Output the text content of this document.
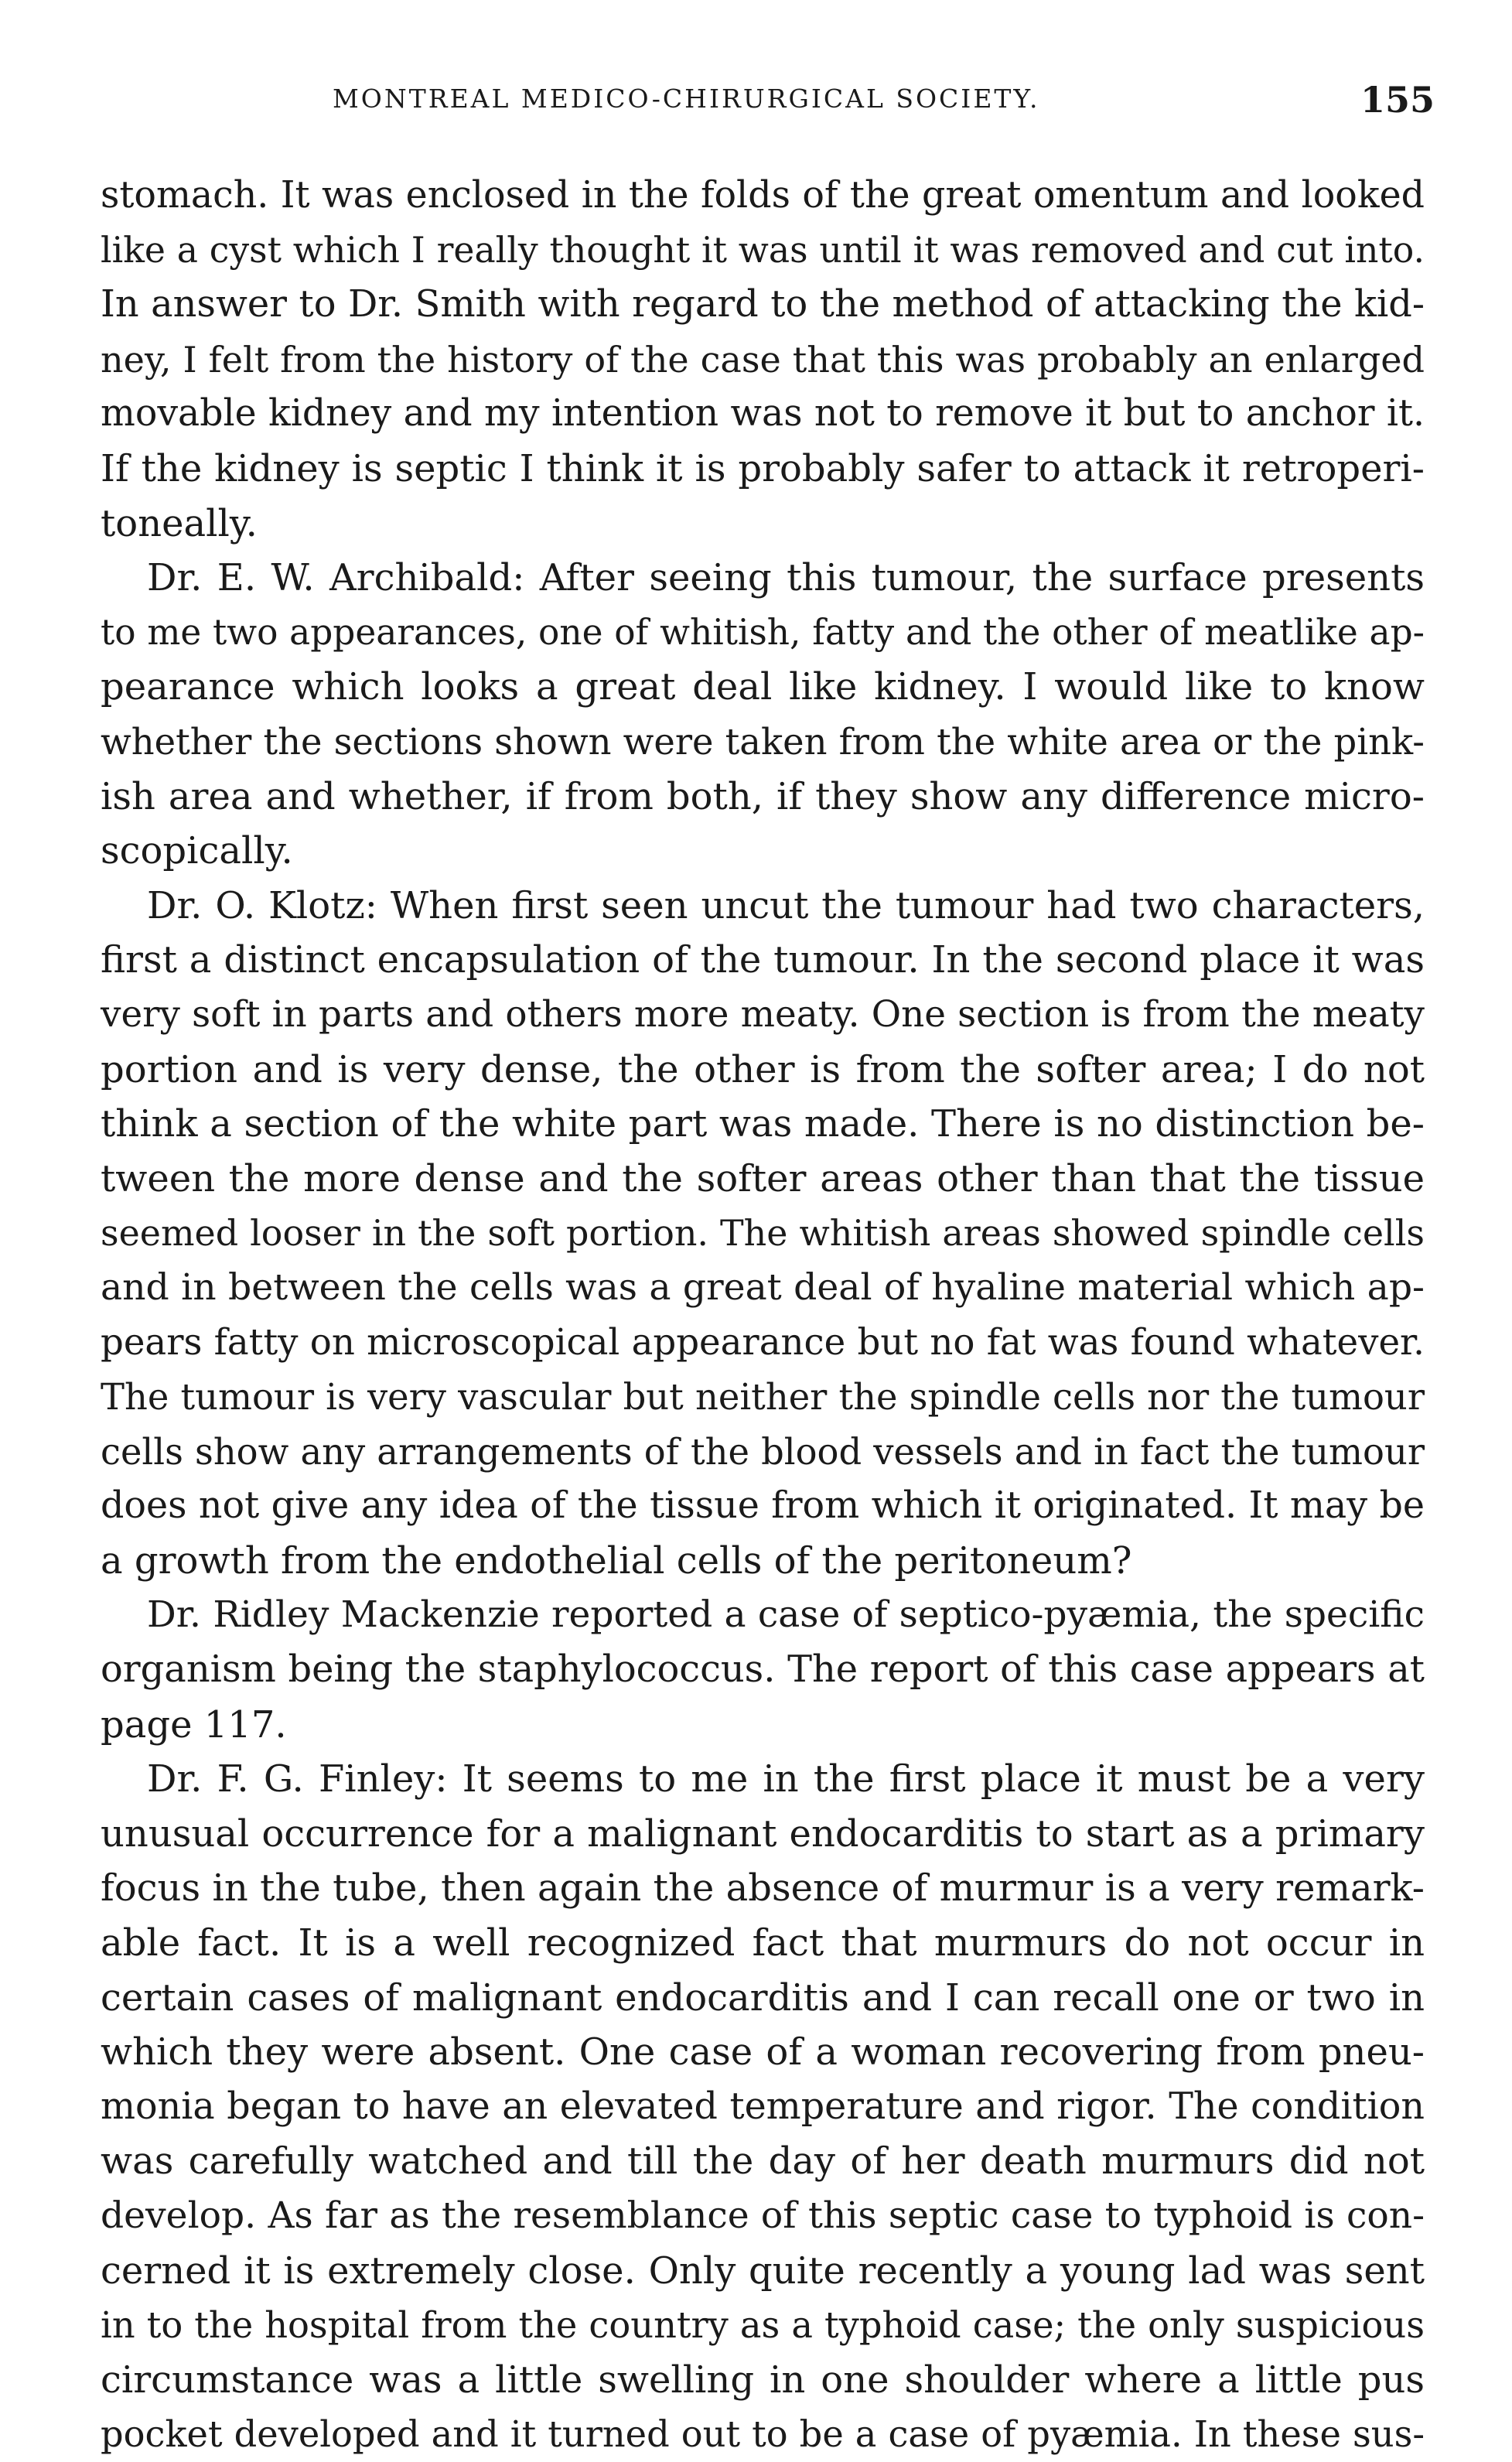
MONTREAL MEDICO-CHIRURGICAL SOCIETY.	155
stomach. It was enclosed in the folds of the great omentum and looked
like a cyst which I really thought it was until it was removed and cut into.
In answer to Dr. Smith with regard to the method of attacking the kid-
ney, I felt from the history of the case that this was probably an enlarged
movable kidney and my intention was not to remove it but to anchor it.
If the kidney is septic I think it is probably safer to attack it retroperi-
toneally.
Dr. E. W. Archibald: After seeing this tumour, the surface presents
to me two appearances, one of whitish, fatty and the other of meatlike ap-
pearance which looks a great deal like kidney. I would like to know
whether the sections shown were taken from the white area or the pink-
ish area and whether, if from both, if they show any difference micro-
scopically.
Dr. O. Klotz: When first seen uncut the tumour had two characters,
first a distinct encapsulation of the tumour. In the second place it was
very soft in parts and others more meaty. One section is from the meaty
portion and is very dense, the other is from the softer area; I do not
think a section of the white part was made. There is no distinction be-
tween the more dense and the softer areas other than that the tissue
seemed looser in the soft portion. The whitish areas showed spindle cells
and in between the cells was a great deal of hyaline material which ap-
pears fatty on microscopical appearance but no fat was found whatever.
The tumour is very vascular but neither the spindle cells nor the tumour
cells show any arrangements of the blood vessels and in fact the tumour
does not give any idea of the tissue from which it originated. It may be
a growth from the endothelial cells of the peritoneum?
Dr. Ridley Mackenzie reported a case of septico-pyæmia, the specific
organism being the staphylococcus. The report of this case appears at
page 117.
Dr. F. G. Finley: It seems to me in the first place it must be a very
unusual occurrence for a malignant endocarditis to start as a primary
focus in the tube, then again the absence of murmur is a very remark-
able fact. It is a well recognized fact that murmurs do not occur in
certain cases of malignant endocarditis and I can recall one or two in
which they were absent. One case of a woman recovering from pneu-
monia began to have an elevated temperature and rigor. The condition
was carefully watched and till the day of her death murmurs did not
develop. As far as the resemblance of this septic case to typhoid is con-
cerned it is extremely close. Only quite recently a young lad was sent
in to the hospital from the country as a typhoid case; the only suspicious
circumstance was a little swelling in one shoulder where a little pus
pocket developed and it turned out to be a case of pyæmia. In these sus-
